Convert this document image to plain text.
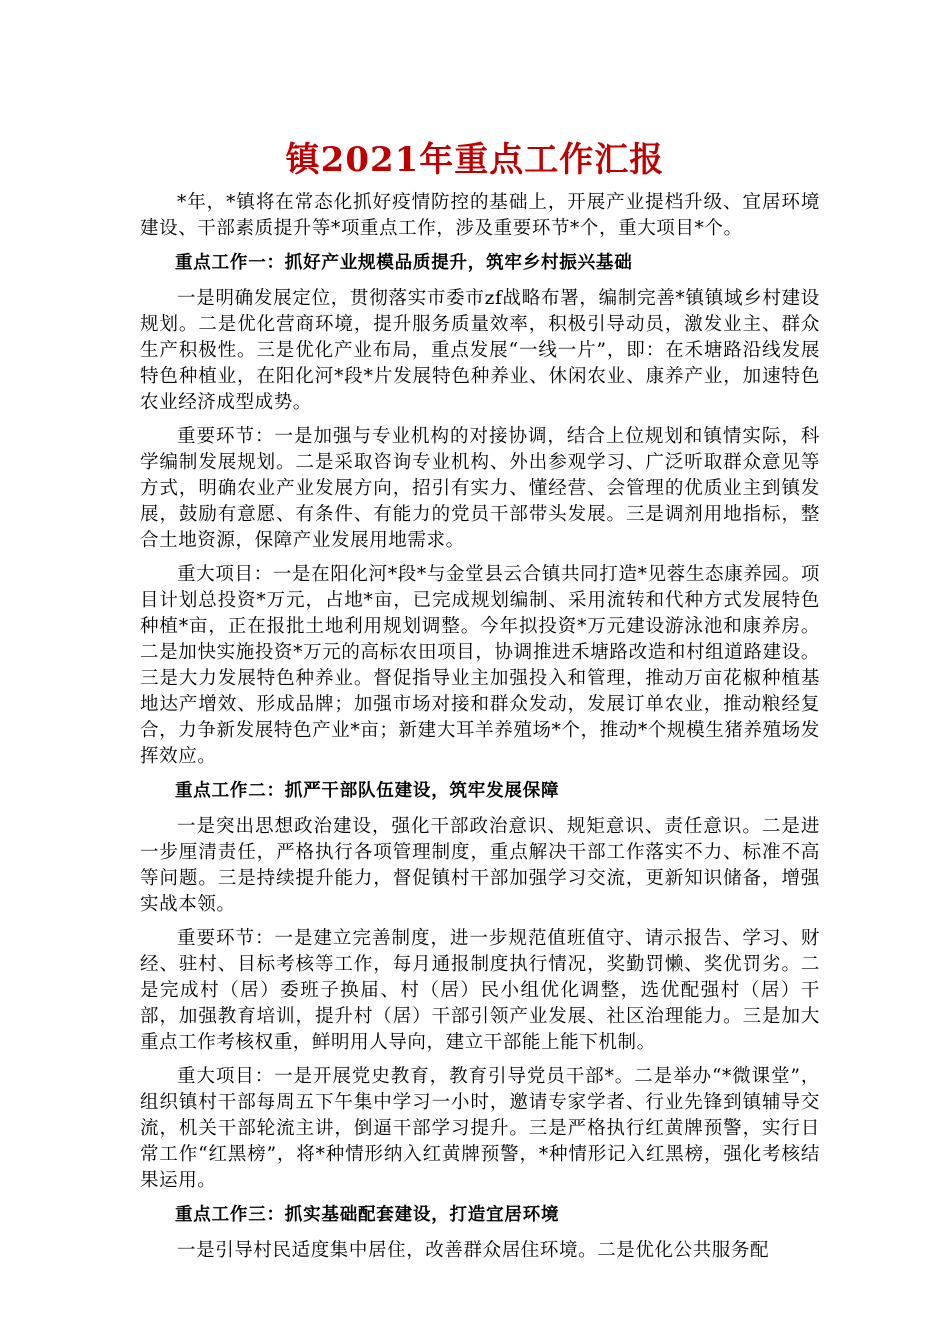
镇2021年重点工作汇报

*年，*镇将在常态化抓好疫情防控的基础上，开展产业提档升级、宜居环境建设、干部素质提升等*项重点工作，涉及重要环节*个，重大项目*个。

重点工作一：抓好产业规模品质提升，筑牢乡村振兴基础

一是明确发展定位，贯彻落实市委市zf战略布署，编制完善*镇镇域乡村建设规划。二是优化营商环境，提升服务质量效率，积极引导动员，激发业主、群众生产积极性。三是优化产业布局，重点发展“一线一片”，即：在禾塘路沿线发展特色种植业，在阳化河*段*片发展特色种养业、休闲农业、康养产业，加速特色农业经济成型成势。

重要环节：一是加强与专业机构的对接协调，结合上位规划和镇情实际，科学编制发展规划。二是采取咨询专业机构、外出参观学习、广泛听取群众意见等方式，明确农业产业发展方向，招引有实力、懂经营、会管理的优质业主到镇发展，鼓励有意愿、有条件、有能力的党员干部带头发展。三是调剂用地指标，整合土地资源，保障产业发展用地需求。

重大项目：一是在阳化河*段*与金堂县云合镇共同打造*见蓉生态康养园。项目计划总投资*万元，占地*亩，已完成规划编制、采用流转和代种方式发展特色种植*亩，正在报批土地利用规划调整。今年拟投资*万元建设游泳池和康养房。二是加快实施投资*万元的高标农田项目，协调推进禾塘路改造和村组道路建设。三是大力发展特色种养业。督促指导业主加强投入和管理，推动万亩花椒种植基地达产增效、形成品牌；加强市场对接和群众发动，发展订单农业，推动粮经复合，力争新发展特色产业*亩；新建大耳羊养殖场*个，推动*个规模生猪养殖场发挥效应。

重点工作二：抓严干部队伍建设，筑牢发展保障

一是突出思想政治建设，强化干部政治意识、规矩意识、责任意识。二是进一步厘清责任，严格执行各项管理制度，重点解决干部工作落实不力、标准不高等问题。三是持续提升能力，督促镇村干部加强学习交流，更新知识储备，增强实战本领。

重要环节：一是建立完善制度，进一步规范值班值守、请示报告、学习、财经、驻村、目标考核等工作，每月通报制度执行情况，奖勤罚懒、奖优罚劣。二是完成村（居）委班子换届、村（居）民小组优化调整，选优配强村（居）干部，加强教育培训，提升村（居）干部引领产业发展、社区治理能力。三是加大重点工作考核权重，鲜明用人导向，建立干部能上能下机制。

重大项目：一是开展党史教育，教育引导党员干部*。二是举办“*微课堂”，组织镇村干部每周五下午集中学习一小时，邀请专家学者、行业先锋到镇辅导交流，机关干部轮流主讲，倒逼干部学习提升。三是严格执行红黄牌预警，实行日常工作“红黑榜”，将*种情形纳入红黄牌预警，*种情形记入红黑榜，强化考核结果运用。

重点工作三：抓实基础配套建设，打造宜居环境

一是引导村民适度集中居住，改善群众居住环境。二是优化公共服务配
